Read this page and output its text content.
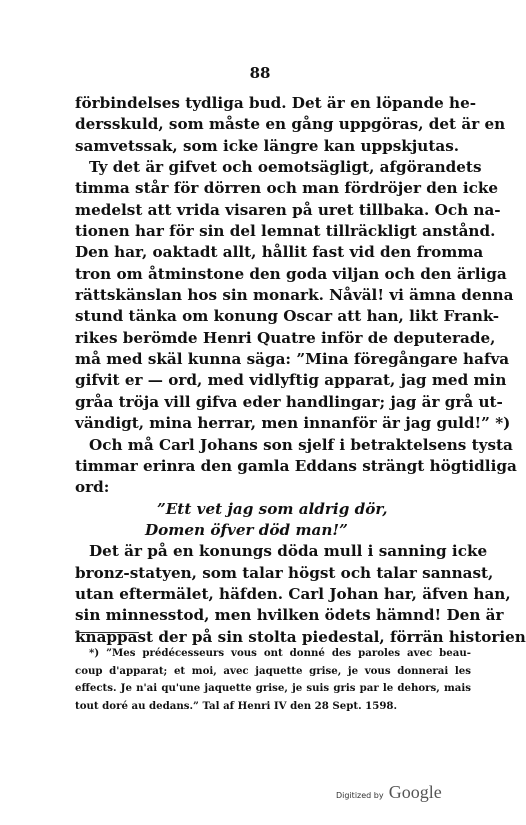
88
förbindelses tydliga bud. Det är en löpande he-
dersskuld, som måste en gång uppgöras, det är en
samvetssak, som icke längre kan uppskjutas.
Ty det är gifvet och oemotsägligt, afgörandets
timma står för dörren och man fördröjer den icke
medelst att vrida visaren på uret tillbaka. Och na-
tionen har för sin del lemnat tillräckligt anstånd.
Den har, oaktadt allt, hållit fast vid den fromma
tron om åtminstone den goda viljan och den ärliga
rättskänslan hos sin monark. Nåväl! vi ämna denna
stund tänka om konung Oscar att han, likt Frank-
rikes berömde Henri Quatre inför de deputerade,
må med skäl kunna säga: ”Mina föregångare hafva
gifvit er — ord, med vidlyftig apparat, jag med min
gråa tröja vill gifva eder handlingar; jag är grå ut-
vändigt, mina herrar, men innanför är jag guld!” *)
Och må Carl Johans son sjelf i betraktelsens tysta
timmar erinra den gamla Eddans strängt högtidliga
ord:
”Ett vet jag som aldrig dör,
Domen öfver död man!”
Det är på en konungs döda mull i sanning icke
bronz-statyen, som talar högst och talar sannast,
utan eftermälet, häfden. Carl Johan har, äfven han,
sin minnesstod, men hvilken ödets hämnd! Den är
knappast der på sin stolta piedestal, förrän historien
*) ”Mes prédécesseurs vous ont donné des paroles avec beau-
coup d'apparat; et moi, avec jaquette grise, je vous donnerai les
effects. Je n'ai qu'une jaquette grise, je suis gris par le dehors, mais
tout doré au dedans.” Tal af Henri IV den 28 Sept. 1598.
Digitized by Google
